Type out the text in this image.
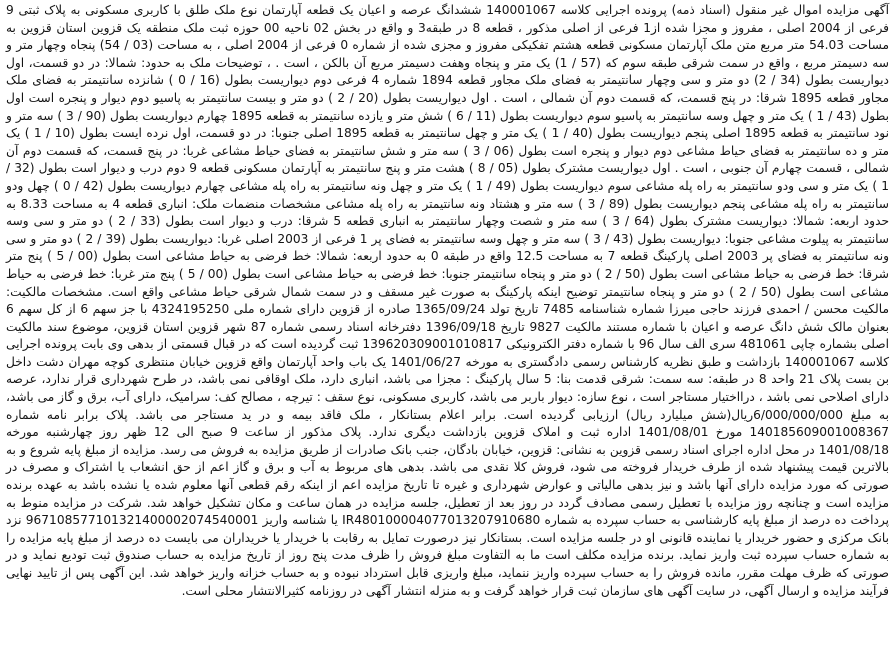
آگهی مزایده اموال غیر منقول (اسناد ذمه) پرونده اجرایی کلاسه 140001067 ششدانگ عرصه و اعیان یک قطعه آپارتمان نوع ملک طلق با کاربری مسکونی به پلاک ثبتی 9 فرعی از 2004 اصلی ، مفروز و مجزا شده از1 فرعی از اصلی مذکور ، قطعه 8 در طبقه3 و واقع در بخش 02 ناحیه 00 حوزه ثبت ملک منطقه یک قزوین استان قزوین به مساحت 54.03 متر مربع متن ملک آپارتمان مسکونی قطعه هشتم تفکیکی مفروز و مجزی شده از شماره 0 فرعی از 2004 اصلی ، به مساحت (03 / 54) پنجاه وچهار متر و سه دسیمتر مربع ، واقع در سمت شرقی طبقه سوم که (57 / 1) یک متر و پنجاه وهفت دسیمتر مربع آن بالکن ، است . ، توضیحات ملک به حدود: شمالا: در دو قسمت، اول دیواریست بطول (34 / 2) دو متر و سی وچهار سانتیمتر به فضای ملک مجاور قطعه 1894 شماره 4 فرعی دوم دیواریست بطول (16 / 0 ) شانزده سانتیمتر به فضای ملک مجاور قطعه 1895 شرقا: در پنج قسمت، که قسمت دوم آن شمالی ، است . اول دیواریست بطول (20 / 2 ) دو متر و بیست سانتیمتر به پاسیو دوم دیوار و پنجره است اول بطول (43 / 1 ) یک متر و چهل وسه سانتیمتر به پاسیو سوم دیواریست بطول (11 / 6 ) شش متر و یازده سانتیمتر به قطعه 1895 چهارم دیواریست بطول (90 / 3 ) سه متر و نود سانتیمتر به قطعه 1895 اصلی پنجم دیواریست بطول (40 / 1 ) یک متر و چهل سانتیمتر به قطعه 1895 اصلی جنوبا: در دو قسمت، اول نرده ایست بطول (10 / 1 ) یک متر و ده سانتیمتر به فضای حیاط مشاعی دوم دیوار و پنجره است بطول (06 / 3 ) سه متر و شش سانتیمتر به فضای حیاط مشاعی غربا: در پنج قسمت، که قسمت دوم آن شمالی ، قسمت چهارم آن جنوبی ، است . اول دیواریست مشترک بطول (05 / 8 ) هشت متر و پنج سانتیمتر به آپارتمان مسکونی قطعه 9 دوم درب و دیوار است بطول (32 / 1 ) یک متر و سی ودو سانتیمتر به راه پله مشاعی سوم دیواریست بطول (49 / 1 ) یک متر و چهل ونه سانتیمتر به راه پله مشاعی چهارم دیواریست بطول (42 / 0 ) چهل ودو سانتیمتر به راه پله مشاعی پنجم دیواریست بطول (89 / 3 ) سه متر و هشتاد ونه سانتیمتر به راه پله مشاعی مشخصات منضمات ملک: انباری قطعه 4 به مساحت 8.33 به حدود اربعه: شمالا: دیواریست مشترک بطول (64 / 3 ) سه متر و شصت وچهار سانتیمتر به انباری قطعه 5 شرقا: درب و دیوار است بطول (33 / 2 ) دو متر و سی وسه سانتیمتر به پیلوت مشاعی جنوبا: دیواریست بطول (43 / 3 ) سه متر و چهل وسه سانتیمتر به فضای پر 1 فرعی از 2003 اصلی غربا: دیواریست بطول (39 / 2 ) دو متر و سی ونه سانتیمتر به فضای پر 2003 اصلی پارکینگ قطعه 7 به مساحت 12.5 واقع در طبقه 0 به حدود اربعه: شمالا: خط فرضی به حیاط مشاعی است بطول (00 / 5 ) پنج متر شرقا: خط فرضی به حیاط مشاعی است بطول (50 / 2 ) دو متر و پنجاه سانتیمتر جنوبا: خط فرضی به حیاط مشاعی است بطول (00 / 5 ) پنج متر غربا: خط فرضی به حیاط مشاعی است بطول (50 / 2 ) دو متر و پنجاه سانتیمتر توضیح اینکه پارکینگ به صورت غیر مسقف و در سمت شمال شرقی حیاط مشاعی واقع است. مشخصات مالکیت: مالکیت محسن / احمدی فرزند حاجی میرزا شماره شناسنامه 7485 تاریخ تولد 1365/09/24 صادره از قزوین دارای شماره ملی 4324195250 با جز سهم 6 از کل سهم 6 بعنوان مالک شش دانگ عرصه و اعیان با شماره مستند مالکیت 9827 تاریخ 1396/09/18 دفترخانه اسناد رسمی شماره 87 شهر قزوین استان قزوین، موضوع سند مالکیت اصلی بشماره چاپی 481061 سری الف سال 96 با شماره دفتر الکترونیکی 139620309001010817 ثبت گردیده است که در قبال قسمتی از بدهی وی بابت پرونده اجرایی کلاسه 140001067 بازداشت و طبق نظریه کارشناس رسمی دادگستری به مورخه 1401/06/27 یک باب واحد آپارتمان واقع قزوین خیابان منتظری کوچه مهران دشت داخل بن بست پلاک 21 واحد 8 در طبقه: سه سمت: شرقی قدمت بنا: 5 سال پارکینگ : مجزا می باشد، انباری دارد، ملک اوقافی نمی باشد، در طرح شهرداری قرار ندارد، عرصه دارای اصلاحی نمی باشد ، درااختیار مستاجر است ، نوع سازه: دیوار باربر می باشد، کاربری مسکونی، نوع سقف : تیرچه ، مصالح کف: سرامیک، دارای آب، برق و گاز می باشد، به مبلغ 6/000/000/000ریال(شش میلیارد ریال) ارزیابی گردیده است. برابر اعلام بستانکار ، ملک فاقد بیمه و در ید مستاجر می باشد. پلاک برابر نامه شماره 140185609001008367 مورخ 1401/08/01 اداره ثبت و املاک قزوین بازداشت دیگری ندارد. پلاک مذکور از ساعت 9 صبح الی 12 ظهر روز چهارشنبه مورخه 1401/08/18 در محل اداره اجرای اسناد رسمی قزوین به نشانی: قزوین، خیابان بادگان، جنب بانک صادرات از طریق مزایده به فروش می رسد. مزایده از مبلغ پایه شروع و به بالاترین قیمت پیشنهاد شده از طرف خریدار فروخته می شود، فروش کلا نقدی می باشد. بدهی های مربوط به آب و برق و گاز اعم از حق انشعاب یا اشتراک و مصرف در صورتی که مورد مزایده دارای آنها باشد و نیز بدهی مالیاتی و عوارض شهرداری و غیره تا تاریخ مزایده اعم از اینکه رقم قطعی آنها معلوم شده یا نشده باشد به عهده برنده مزایده است و چنانچه روز مزایده با تعطیل رسمی مصادف گردد در روز بعد از تعطیل، جلسه مزایده در همان ساعت و مکان تشکیل خواهد شد. شرکت در مزایده منوط به پرداخت ده درصد از مبلغ پایه کارشناسی به حساب سپرده به شماره IR480100004077013207910680 یا شناسه واریز 967108577101321400002074540001 نزد بانک مرکزی و حضور خریدار یا نماینده قانونی او در جلسه مزایده است. بستانکار نیز درصورت تمایل به رقابت با خریدار یا خریداران می بایست ده درصد از مبلغ پایه مزایده را به شماره حساب سپرده ثبت واریز نماید. برنده مزایده مکلف است ما به التفاوت مبلغ فروش را ظرف مدت پنج روز از تاریخ مزایده به حساب صندوق ثبت تودیع نماید و در صورتی که ظرف مهلت مقرر، مانده فروش را به حساب سپرده واریز ننماید، مبلغ واریزی قابل استرداد نبوده و به حساب خزانه واریز خواهد شد. این آگهی پس از تایید نهایی فرآیند مزایده و ارسال آگهی، در سایت آگهی های سازمان ثبت قرار خواهد گرفت و به منزله انتشار آگهی در روزنامه کثیرالانتشار محلی است.
